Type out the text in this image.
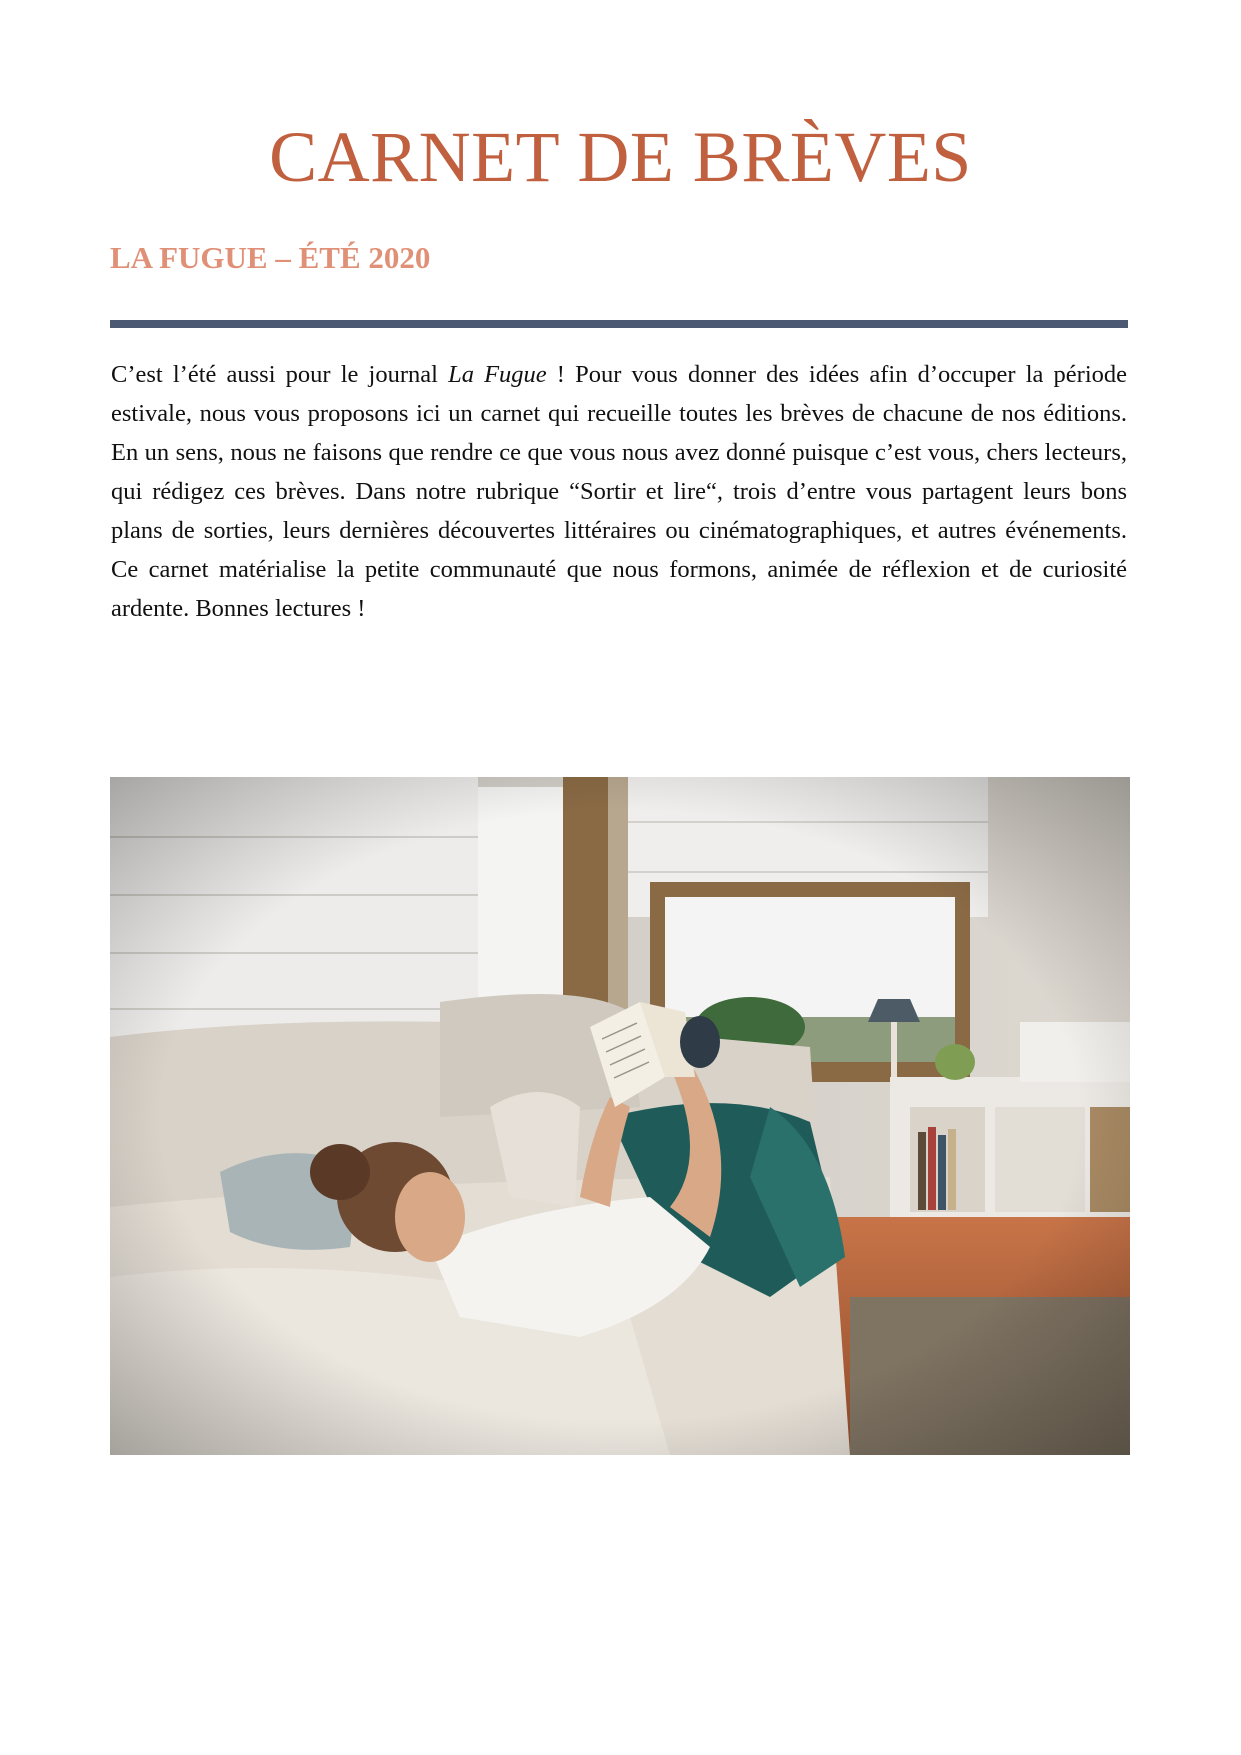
CARNET DE BRÈVES
LA FUGUE – ÉTÉ 2020

C’est l’été aussi pour le journal La Fugue ! Pour vous donner des idées afin d’occuper la période estivale, nous vous proposons ici un carnet qui recueille toutes les brèves de chacune de nos éditions. En un sens, nous ne faisons que rendre ce que vous nous avez donné puisque c’est vous, chers lecteurs, qui rédigez ces brèves. Dans notre rubrique “Sortir et lire“, trois d’entre vous partagent leurs bons plans de sorties, leurs dernières découvertes littéraires ou cinématographiques, et autres événements. Ce carnet matérialise la petite communauté que nous formons, animée de réflexion et de curiosité ardente. Bonnes lectures !
